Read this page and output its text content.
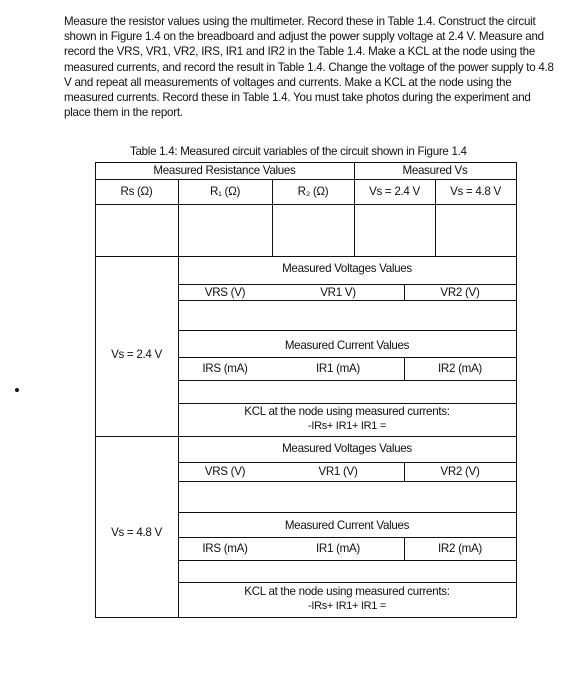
Measure the resistor values using the multimeter. Record these in Table 1.4. Construct the circuit shown in Figure 1.4 on the breadboard and adjust the power supply voltage at 2.4 V. Measure and record the VRS, VR1, VR2, IRS, IR1 and IR2 in the Table 1.4. Make a KCL at the node using the measured currents, and record the result in Table 1.4. Change the voltage of the power supply to 4.8 V and repeat all measurements of voltages and currents. Make a KCL at the node using the measured currents. Record these in Table 1.4. You must take photos during the experiment and place them in the report.

Table 1.4: Measured circuit variables of the circuit shown in Figure 1.4

Measured Resistance Values	Measured Vs
Rs (Ω)	R₁ (Ω)	R₂ (Ω)	Vs = 2.4 V	Vs = 4.8 V
Vs = 2.4 V
Measured Voltages Values
VRS (V)	VR1 V)	VR2 (V)
Measured Current Values
IRS (mA)	IR1 (mA)	IR2 (mA)
KCL at the node using measured currents:
-IRs+ IR1+ IR1 =
Vs = 4.8 V
Measured Voltages Values
VRS (V)	VR1 (V)	VR2 (V)
Measured Current Values
IRS (mA)	IR1 (mA)	IR2 (mA)
KCL at the node using measured currents:
-IRs+ IR1+ IR1 =
